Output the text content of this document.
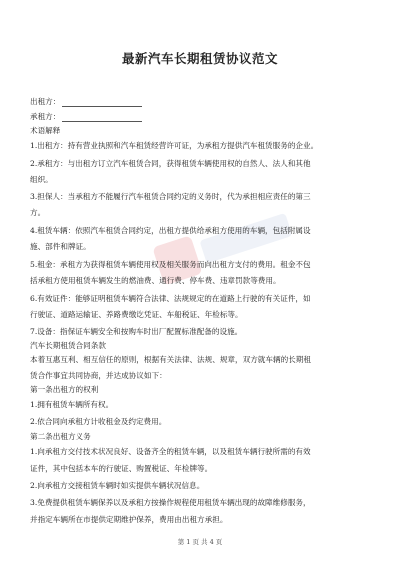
最新汽车长期租赁协议范文
出租方：
承租方：
术语解释
1.出租方：持有营业执照和汽车租赁经营许可证，为承租方提供汽车租赁服务的企业。
2.承租方：与出租方订立汽车租赁合同，获得租赁车辆使用权的自然人、法人和其他
组织。
3.担保人：当承租方不能履行汽车租赁合同约定的义务时，代为承担相应责任的第三
方。
4.租赁车辆：依照汽车租赁合同约定，出租方提供给承租方使用的车辆，包括附属设
施、部件和牌证。
5.租金：承租方为获得租赁车辆使用权及相关服务而向出租方支付的费用。租金不包
括承租方使用租赁车辆发生的燃油费、通行费、停车费、违章罚款等费用。
6.有效证件：能够证明租赁车辆符合法律、法规规定的在道路上行驶的有关证件，如
行驶证、道路运输证、养路费缴讫凭证、车船税证、年检标等。
7.设备：指保证车辆安全和按购车时出厂配置标准配备的设施。
汽车长期租赁合同条款
本着互惠互利、相互信任的原则，根据有关法律、法规、规章，双方就车辆的长期租
赁合作事宜共同协商，并达成协议如下：
第一条出租方的权利
1.拥有租赁车辆所有权。
2.依合同向承租方计收租金及约定费用。
第二条出租方义务
1.向承租方交付技术状况良好、设备齐全的租赁车辆，以及租赁车辆行驶所需的有效
证件，其中包括本车的行驶证、购置税证、年检牌等。
2.向承租方交接租赁车辆时如实提供车辆状况信息。
3.免费提供租赁车辆保养以及承租方按操作规程使用租赁车辆出现的故障维修服务，
并指定车辆所在市提供定期维护保养，费用由出租方承担。
第 1 页 共 4 页
